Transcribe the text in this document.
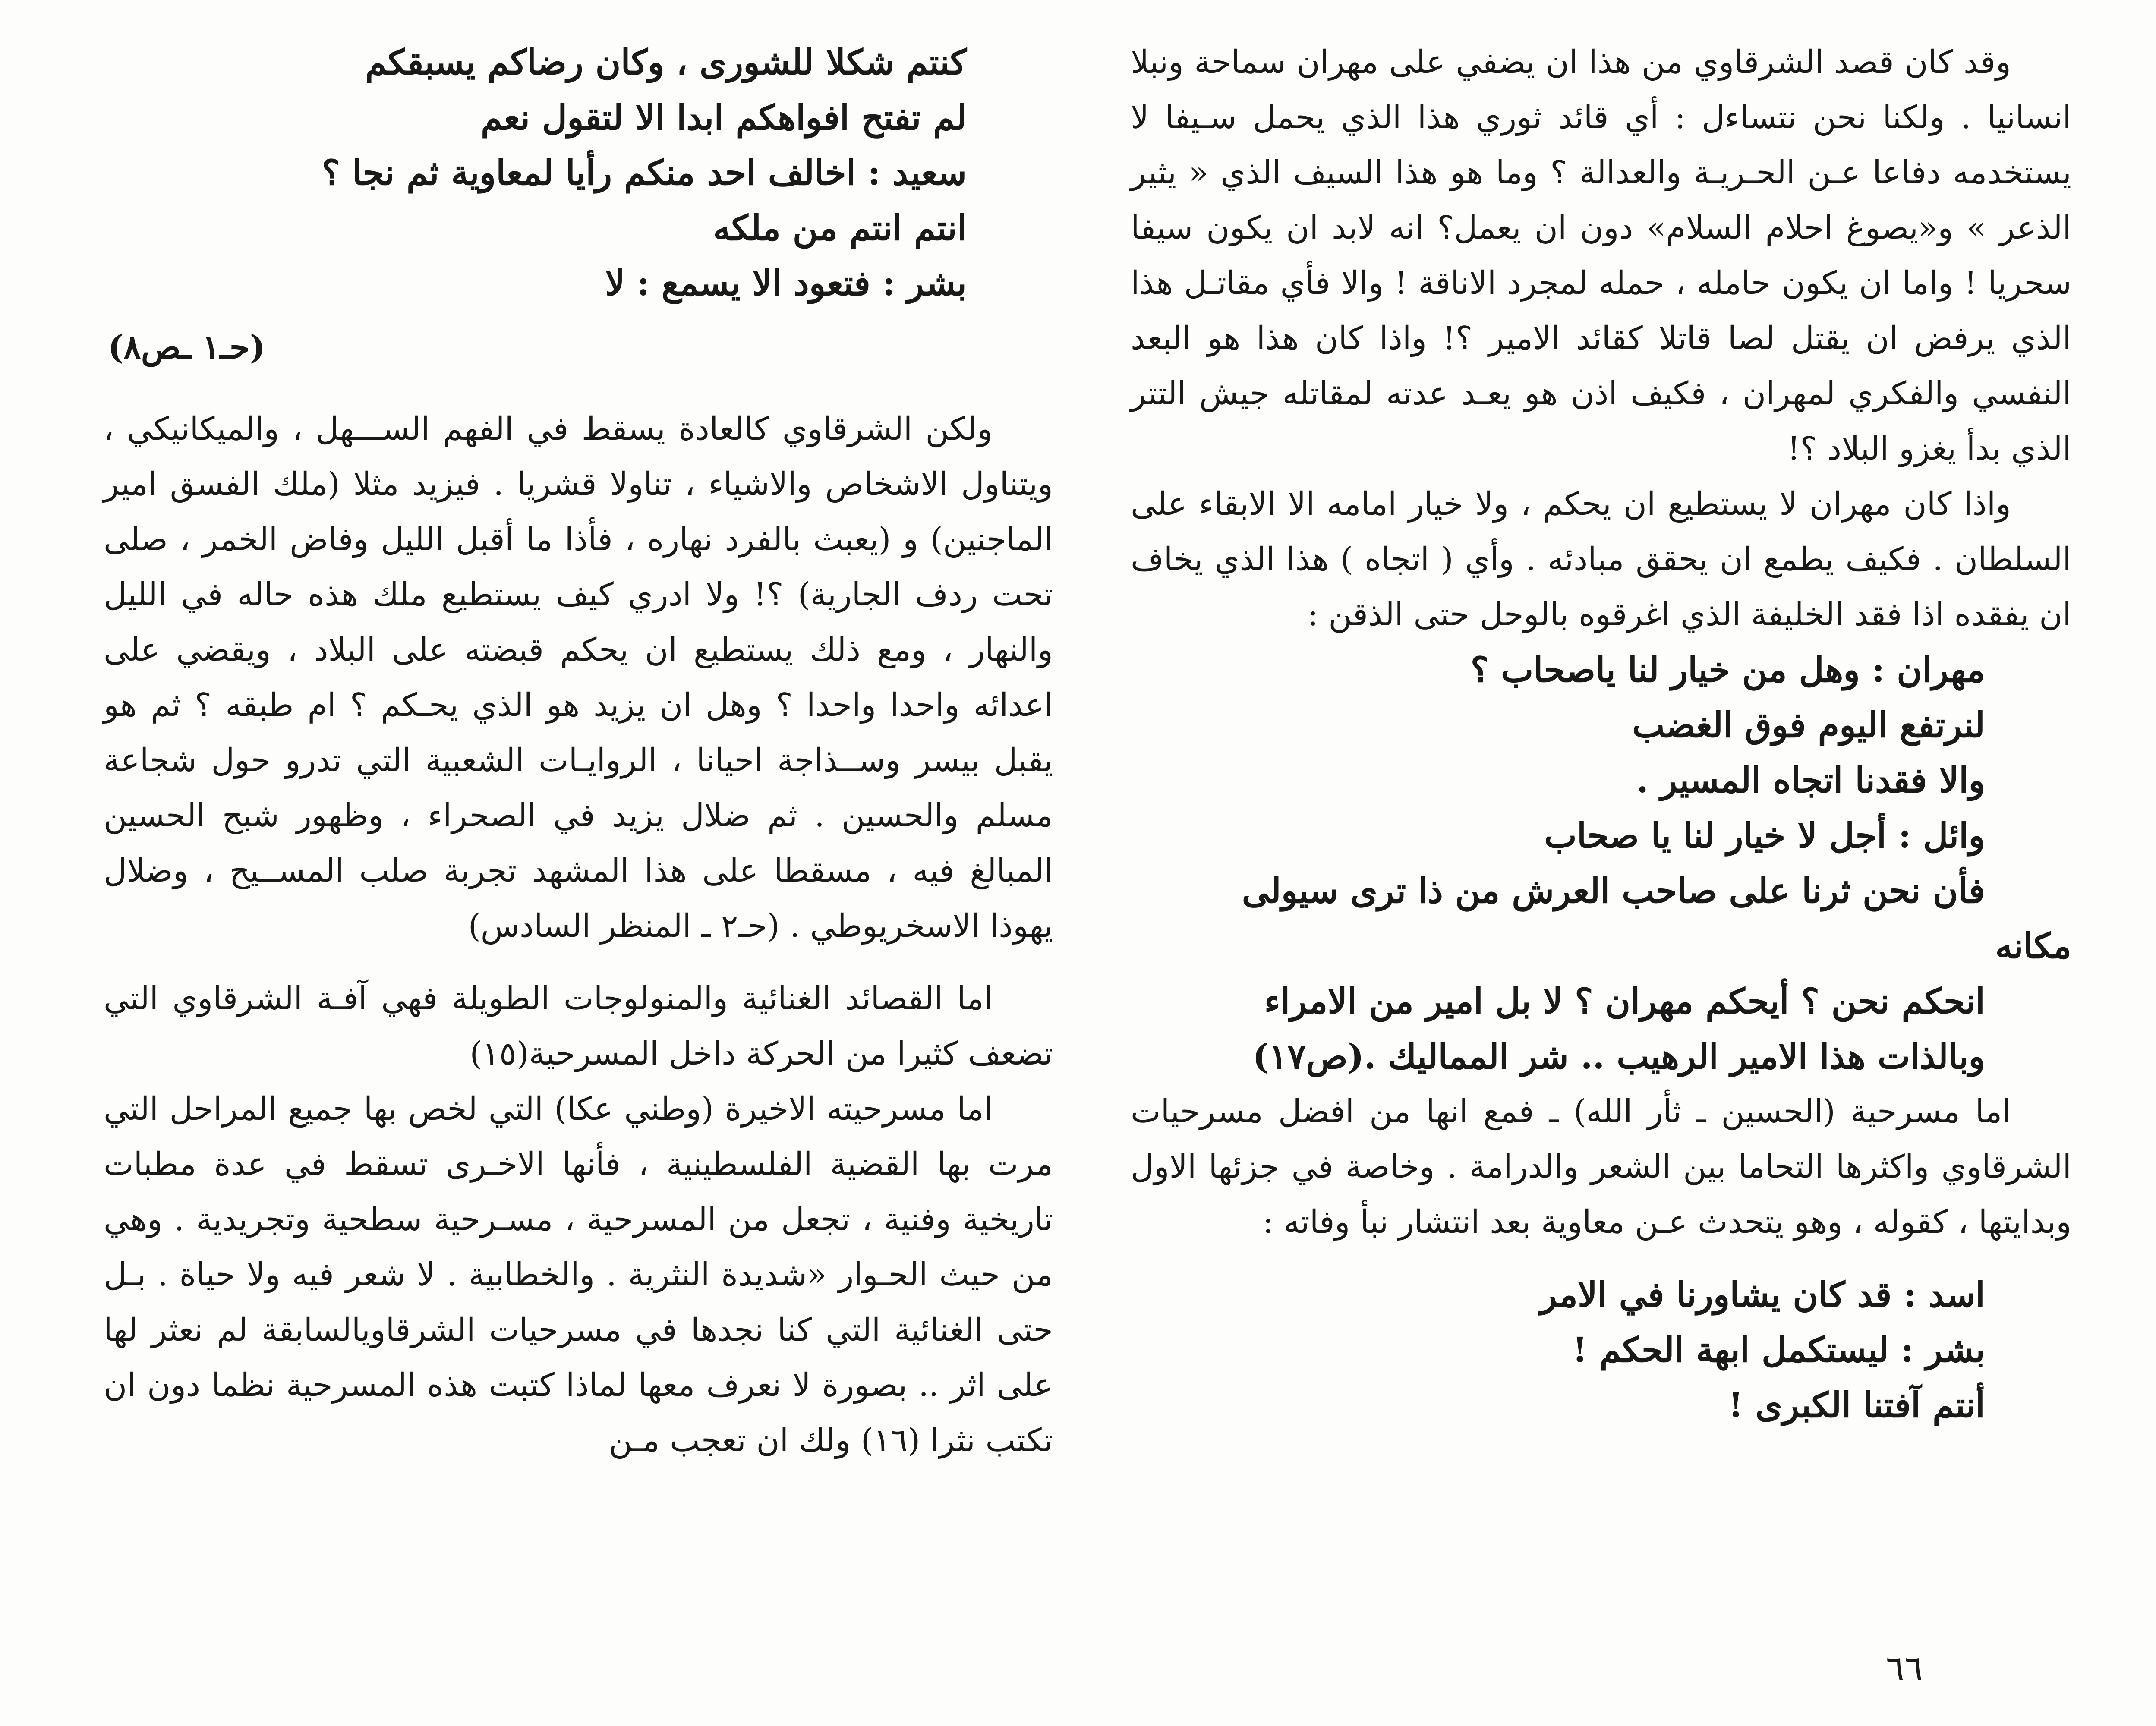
كنتم شكلا للشورى ، وكان رضاكم يسبقكم
لم تفتح افواهكم ابدا الا لتقول نعم
سعيد : اخالف احد منكم رأيا لمعاوية ثم نجا ؟
انتم انتم من ملكه
بشر : فتعود الا يسمع : لا
(حـ١ ـص٨)

ولكن الشرقاوي كالعادة يسقط في الفهم الســـهل ، والميكانيكي ، ويتناول الاشخاص والاشياء ، تناولا قشريا . فيزيد مثلا (ملك الفسق امير الماجنين) و (يعبث بالفرد نهاره ، فأذا ما أقبل الليل وفاض الخمر ، صلى تحت ردف الجارية) ؟! ولا ادري كيف يستطيع ملك هذه حاله في الليل والنهار ، ومع ذلك يستطيع ان يحكم قبضته على البلاد ، ويقضي على اعدائه واحدا واحدا ؟ وهل ان يزيد هو الذي يحـكم ؟ ام طبقه ؟ ثم هو يقبل بيسر وســذاجة احيانا ، الروايـات الشعبية التي تدرو حول شجاعة مسلم والحسين . ثم ضلال يزيد في الصحراء ، وظهور شبح الحسين المبالغ فيه ، مسقطا على هذا المشهد تجربة صلب المســيح ، وضلال يهوذا الاسخريوطي . (حـ٢ ـ المنظر السادس)

اما القصائد الغنائية والمنولوجات الطويلة فهي آفـة الشرقاوي التي تضعف كثيرا من الحركة داخل المسرحية(١٥)

اما مسرحيته الاخيرة (وطني عكا) التي لخص بها جميع المراحل التي مرت بها القضية الفلسطينية ، فأنها الاخـرى تسقط في عدة مطبات تاريخية وفنية ، تجعل من المسرحية ، مسـرحية سطحية وتجريدية . وهي من حيث الحـوار «شديدة النثرية . والخطابية . لا شعر فيه ولا حياة . بـل حتى الغنائية التي كنا نجدها في مسرحيات الشرقاويالسابقة لم نعثر لها على اثر .. بصورة لا نعرف معها لماذا كتبت هذه المسرحية نظما دون ان تكتب نثرا (١٦) ولك ان تعجب مـن

وقد كان قصد الشرقاوي من هذا ان يضفي على مهران سماحة ونبلا انسانيا . ولكنا نحن نتساءل : أي قائد ثوري هذا الذي يحمل سـيفا لا يستخدمه دفاعا عـن الحـريـة والعدالة ؟ وما هو هذا السيف الذي « يثير الذعر » و«يصوغ احلام السلام» دون ان يعمل؟ انه لابد ان يكون سيفا سحريا ! واما ان يكون حامله ، حمله لمجرد الاناقة ! والا فأي مقاتـل هذا الذي يرفض ان يقتل لصا قاتلا كقائد الامير ؟! واذا كان هذا هو البعد النفسي والفكري لمهران ، فكيف اذن هو يعـد عدته لمقاتله جيش التتر الذي بدأ يغزو البلاد ؟!

واذا كان مهران لا يستطيع ان يحكم ، ولا خيار امامه الا الابقاء على السلطان . فكيف يطمع ان يحقق مبادئه . وأي ( اتجاه ) هذا الذي يخاف ان يفقده اذا فقد الخليفة الذي اغرقوه بالوحل حتى الذقن :

مهران : وهل من خيار لنا ياصحاب ؟
لنرتفع اليوم فوق الغضب
والا فقدنا اتجاه المسير .
وائل : أجل لا خيار لنا يا صحاب
فأن نحن ثرنا على صاحب العرش من ذا ترى سيولى
مكانه
انحكم نحن ؟ أيحكم مهران ؟ لا بل امير من الامراء
وبالذات هذا الامير الرهيب .. شر المماليك .(ص١٧)

اما مسرحية (الحسين ـ ثأر الله) ـ فمع انها من افضل مسرحيات الشرقاوي واكثرها التحاما بين الشعر والدرامة . وخاصة في جزئها الاول وبدايتها ، كقوله ، وهو يتحدث عـن معاوية بعد انتشار نبأ وفاته :

اسد : قد كان يشاورنا في الامر
بشر : ليستكمل ابهة الحكم !
أنتم آفتنا الكبرى !
٦٦
